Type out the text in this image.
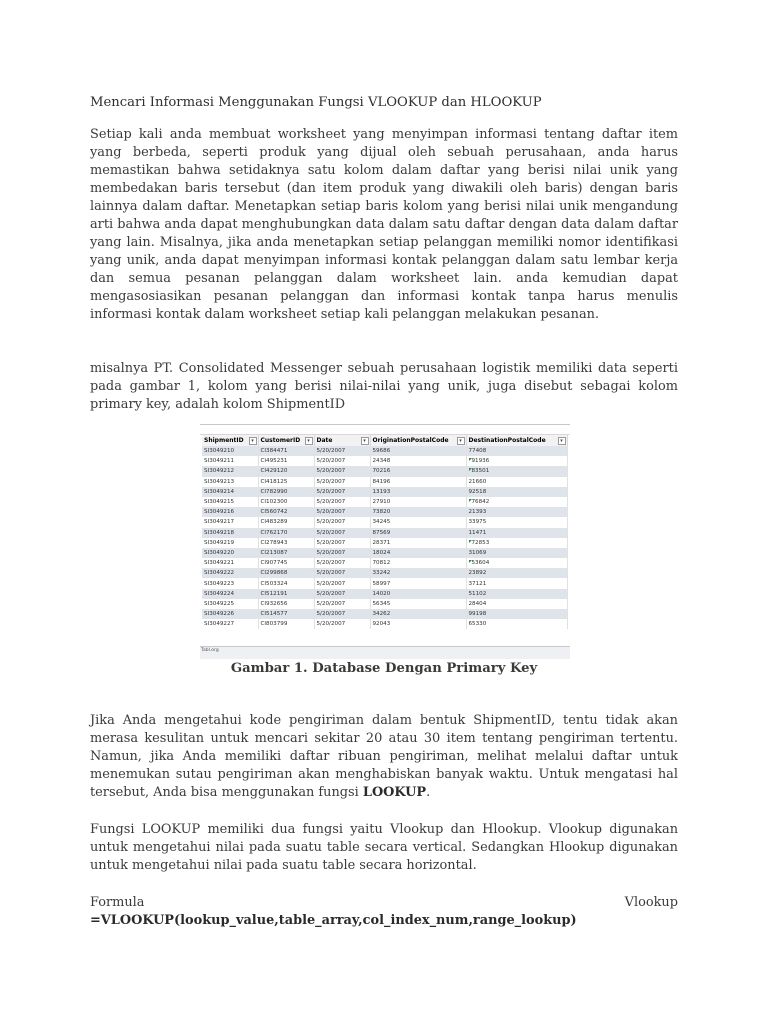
Mencari Informasi Menggunakan Fungsi VLOOKUP dan HLOOKUP

Setiap kali anda membuat worksheet yang menyimpan informasi tentang daftar item yang berbeda, seperti produk yang dijual oleh sebuah perusahaan, anda harus memastikan bahwa setidaknya satu kolom dalam daftar yang berisi nilai unik yang membedakan baris tersebut (dan item produk yang diwakili oleh baris) dengan baris lainnya dalam daftar. Menetapkan setiap baris kolom yang berisi nilai unik mengandung arti bahwa anda dapat menghubungkan data dalam satu daftar dengan data dalam daftar yang lain. Misalnya, jika anda menetapkan setiap pelanggan memiliki nomor identifikasi yang unik, anda dapat menyimpan informasi kontak pelanggan dalam satu lembar kerja dan semua pesanan pelanggan dalam worksheet lain. anda kemudian dapat mengasosiasikan pesanan pelanggan dan informasi kontak tanpa harus menulis informasi kontak dalam worksheet setiap kali pelanggan melakukan pesanan.

misalnya PT. Consolidated Messenger sebuah perusahaan logistik memiliki data seperti pada gambar 1, kolom yang berisi nilai-nilai yang unik, juga disebut sebagai kolom primary key, adalah kolom ShipmentID

ShipmentID ▾	CustomerID ▾	Date ▾	OriginationPostalCode ▾	DestinationPostalCode ▾

SI3049210	CI384471	5/20/2007	59686	77408
SI3049211	CI495231	5/20/2007	24348	91936
SI3049212	CI429120	5/20/2007	70216	83501
SI3049213	CI418125	5/20/2007	84196	21660
SI3049214	CI782990	5/20/2007	13193	92518
SI3049215	CI102300	5/20/2007	27910	76842
SI3049216	CI560742	5/20/2007	73820	21393
SI3049217	CI483289	5/20/2007	34245	33975
SI3049218	CI762170	5/20/2007	87569	11471
SI3049219	CI278943	5/20/2007	28371	72853
SI3049220	CI213087	5/20/2007	18024	31069
SI3049221	CI907745	5/20/2007	70812	53604
SI3049222	CI299868	5/20/2007	33242	23892
SI3049223	CI503324	5/20/2007	58997	37121
SI3049224	CI512191	5/20/2007	14020	51102
SI3049225	CI932656	5/20/2007	56345	28404
SI3049226	CI514577	5/20/2007	34262	99198
SI3049227	CI803799	5/20/2007	92043	65330
Tabl.org
Gambar 1. Database Dengan Primary Key

Jika Anda mengetahui kode pengiriman dalam bentuk ShipmentID, tentu tidak akan merasa kesulitan untuk mencari sekitar 20 atau 30 item tentang pengiriman tertentu. Namun, jika Anda memiliki daftar ribuan pengiriman, melihat melalui daftar untuk menemukan sutau pengiriman akan menghabiskan banyak waktu. Untuk mengatasi hal tersebut, Anda bisa menggunakan fungsi LOOKUP.

Fungsi LOOKUP memiliki dua fungsi yaitu Vlookup dan Hlookup. Vlookup digunakan untuk mengetahui nilai pada suatu table secara vertical. Sedangkan Hlookup digunakan untuk mengetahui nilai pada suatu table secara horizontal.

Formula Vlookup =VLOOKUP(lookup_value,table_array,col_index_num,range_lookup)
